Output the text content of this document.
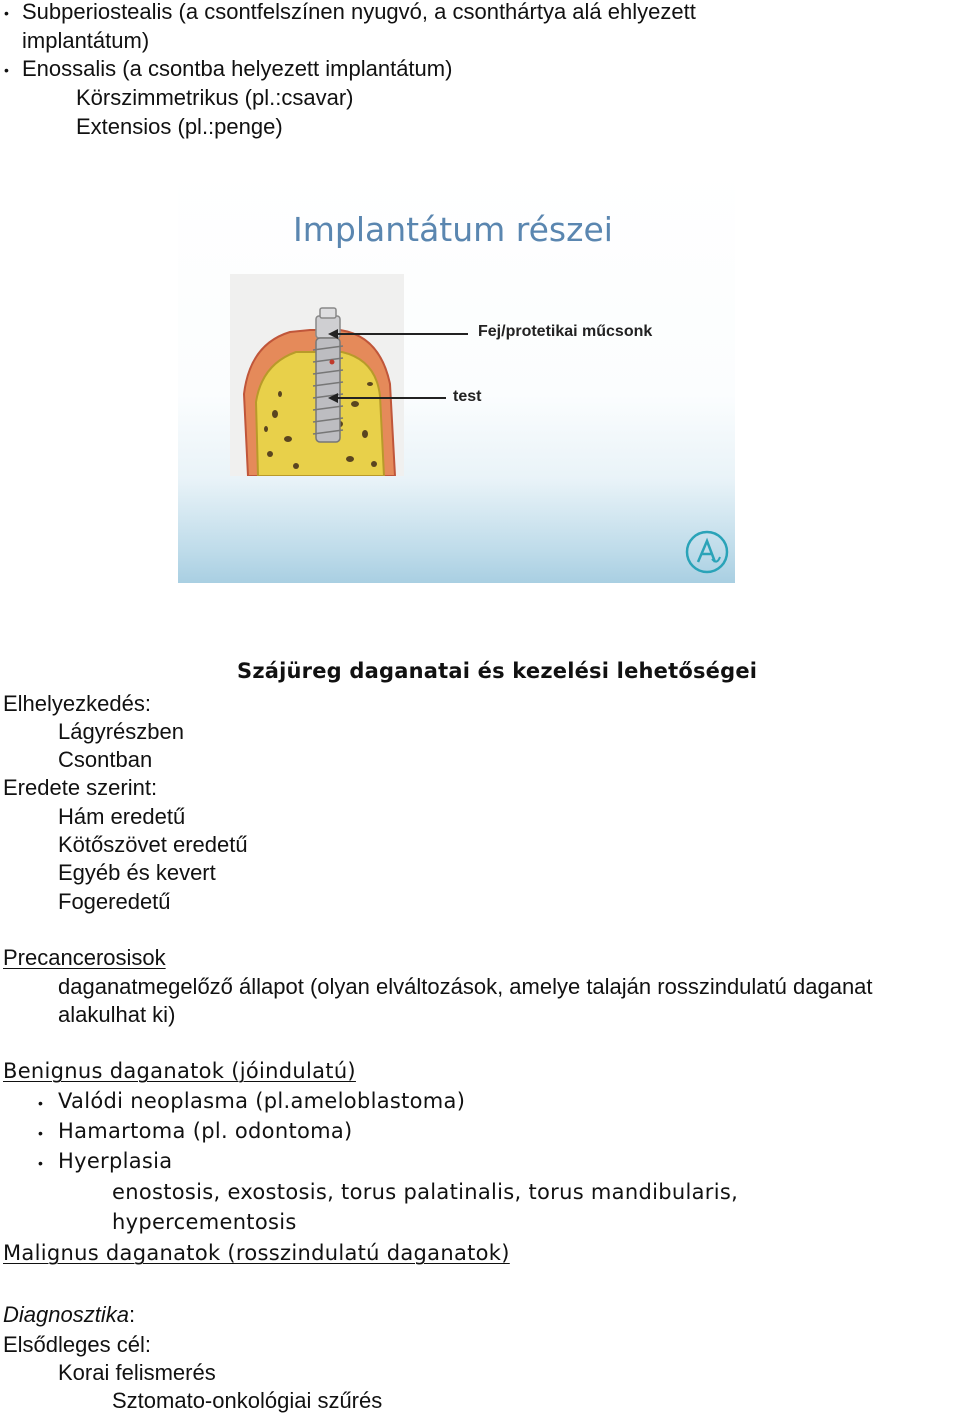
• Subperiostealis (a csontfelszínen nyugvó, a csonthártya alá ehlyezett
implantátum)
• Enossalis (a csontba helyezett implantátum)
Körszimmetrikus (pl.:csavar)
Extensios (pl.:penge)
Implantátum részei
Fej/protetikai műcsonk
test
Szájüreg daganatai és kezelési lehetőségei
Elhelyezkedés:
Lágyrészben
Csontban
Eredete szerint:
Hám eredetű
Kötőszövet eredetű
Egyéb és kevert
Fogeredetű
Precancerosisok
daganatmegelőző állapot (olyan elváltozások, amelye talaján rosszindulatú daganat
alakulhat ki)
Benignus daganatok (jóindulatú)
• Valódi neoplasma (pl.ameloblastoma)
• Hamartoma (pl. odontoma)
• Hyerplasia
enostosis, exostosis, torus palatinalis, torus mandibularis,
hypercementosis
Malignus daganatok (rosszindulatú daganatok)
Diagnosztika:
Elsődleges cél:
Korai felismerés
Sztomato-onkológiai szűrés
